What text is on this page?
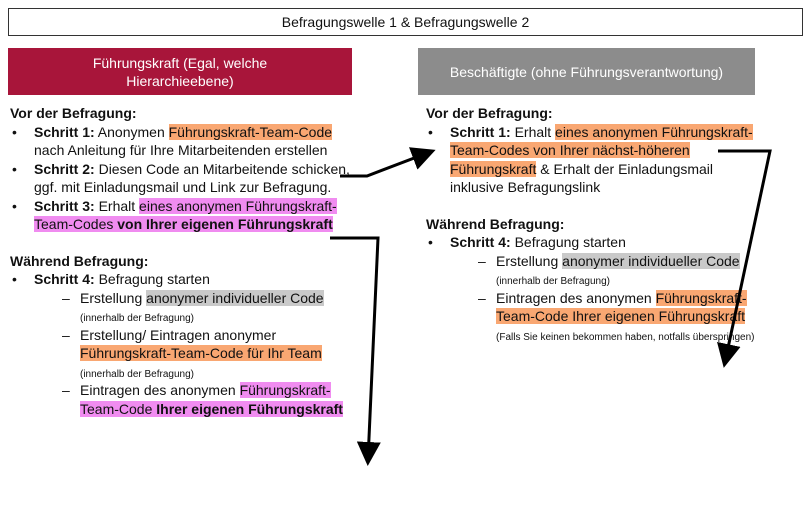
Befragungswelle 1 & Befragungswelle 2
Führungskraft (Egal, welche Hierarchieebene)
Beschäftigte (ohne Führungsverantwortung)

Vor der Befragung:

• Schritt 1: Anonymen Führungskraft-Team-Code nach Anleitung für Ihre Mitarbeitenden erstellen
• Schritt 2: Diesen Code an Mitarbeitende schicken, ggf. mit Einladungsmail und Link zur Befragung.
• Schritt 3: Erhalt eines anonymen Führungskraft-Team-Codes von Ihrer eigenen Führungskraft

Während Befragung:

• Schritt 4: Befragung starten
– Erstellung anonymer individueller Code
(innerhalb der Befragung)
– Erstellung/ Eintragen anonymer
Führungskraft-Team-Code für Ihr Team
(innerhalb der Befragung)
– Eintragen des anonymen Führungskraft-Team-Code Ihrer eigenen Führungskraft

Vor der Befragung:

• Schritt 1: Erhalt eines anonymen Führungskraft-Team-Codes von Ihrer nächst-höheren Führungskraft & Erhalt der Einladungsmail inklusive Befragungslink

Während Befragung:

• Schritt 4: Befragung starten
– Erstellung anonymer individueller Code (innerhalb der Befragung)
– Eintragen des anonymen Führungskraft-Team-Code Ihrer eigenen Führungskraft (Falls Sie keinen bekommen haben, notfalls überspringen)
